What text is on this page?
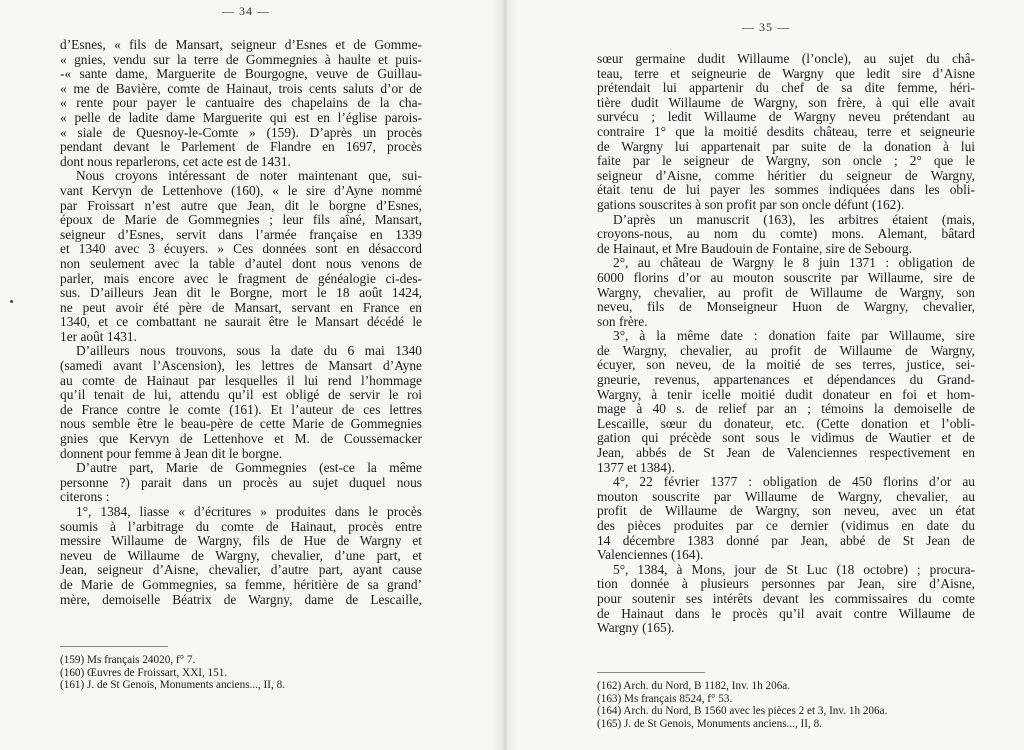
— 34 —

d’Esnes, « fils de Mansart, seigneur d’Esnes et de Gomme-

« gnies, vendu sur la terre de Gommegnies à haulte et puis-

-« sante dame, Marguerite de Bourgogne, veuve de Guillau-

« me de Bavière, comte de Hainaut, trois cents saluts d’or de

« rente pour payer le cantuaire des chapelains de la cha-

« pelle de ladite dame Marguerite qui est en l’église parois-

« siale de Quesnoy-le-Comte » (159). D’après un procès

pendant devant le Parlement de Flandre en 1697, procès

dont nous reparlerons, cet acte est de 1431.

Nous croyons intéressant de noter maintenant que, sui-

vant Kervyn de Lettenhove (160), « le sire d’Ayne nommé

par Froissart n’est autre que Jean, dit le borgne d’Esnes,

époux de Marie de Gommegnies ; leur fils aîné, Mansart,

seigneur d’Esnes, servit dans l’armée française en 1339

et 1340 avec 3 écuyers. » Ces données sont en désaccord

non seulement avec la table d’autel dont nous venons de

parler, mais encore avec le fragment de généalogie ci-des-

sus. D’ailleurs Jean dit le Borgne, mort le 18 août 1424,

ne peut avoir été père de Mansart, servant en France en

1340, et ce combattant ne saurait être le Mansart décédé le

1er août 1431.

D’ailleurs nous trouvons, sous la date du 6 mai 1340

(samedi avant l’Ascension), les lettres de Mansart d’Ayne

au comte de Hainaut par lesquelles il lui rend l’hommage

qu’il tenait de lui, attendu qu’il est obligé de servir le roi

de France contre le comte (161). Et l’auteur de ces lettres

nous semble être le beau-père de cette Marie de Gommegnies

gnies que Kervyn de Lettenhove et M. de Coussemacker

donnent pour femme à Jean dit le borgne.

D’autre part, Marie de Gommegnies (est-ce la même

personne ?) parait dans un procès au sujet duquel nous

citerons :

1°, 1384, liasse « d’écritures » produites dans le procès

soumis à l’arbitrage du comte de Hainaut, procès entre

messire Willaume de Wargny, fils de Hue de Wargny et

neveu de Willaume de Wargny, chevalier, d’une part, et

Jean, seigneur d’Aisne, chevalier, d’autre part, ayant cause

de Marie de Gommegnies, sa femme, héritière de sa grand’

mère, demoiselle Béatrix de Wargny, dame de Lescaille,

(159) Ms français 24020, f° 7.
(160) Œuvres de Froissart, XXI, 151.
(161) J. de St Genois, Monuments anciens..., II, 8.
— 35 —

sœur germaine dudit Willaume (l’oncle), au sujet du châ-

teau, terre et seigneurie de Wargny que ledit sire d’Aisne

prétendait lui appartenir du chef de sa dite femme, héri-

tière dudit Willaume de Wargny, son frère, à qui elle avait

survécu ; ledit Willaume de Wargny neveu prétendant au

contraire 1° que la moitié desdits château, terre et seigneurie

de Wargny lui appartenait par suite de la donation à lui

faite par le seigneur de Wargny, son oncle ; 2° que le

seigneur d’Aisne, comme héritier du seigneur de Wargny,

était tenu de lui payer les sommes indiquées dans les obli-

gations souscrites à son profit par son oncle défunt (162).

D’après un manuscrit (163), les arbitres étaient (mais,

croyons-nous, au nom du comte) mons. Alemant, bâtard

de Hainaut, et Mre Baudouin de Fontaine, sire de Sebourg.

2°, au château de Wargny le 8 juin 1371 : obligation de

6000 florins d’or au mouton souscrite par Willaume, sire de

Wargny, chevalier, au profit de Willaume de Wargny, son

neveu, fils de Monseigneur Huon de Wargny, chevalier,

son frère.

3°, à la même date : donation faite par Willaume, sire

de Wargny, chevalier, au profit de Willaume de Wargny,

écuyer, son neveu, de la moitié de ses terres, justice, sei-

gneurie, revenus, appartenances et dépendances du Grand-

Wargny, à tenir icelle moitié dudit donateur en foi et hom-

mage à 40 s. de relief par an ; témoins la demoiselle de

Lescaille, sœur du donateur, etc. (Cette donation et l’obli-

gation qui précède sont sous le vidimus de Wautier et de

Jean, abbés de St Jean de Valenciennes respectivement en

1377 et 1384).

4°, 22 février 1377 : obligation de 450 florins d’or au

mouton souscrite par Willaume de Wargny, chevalier, au

profit de Willaume de Wargny, son neveu, avec un état

des pièces produites par ce dernier (vidimus en date du

14 décembre 1383 donné par Jean, abbé de St Jean de

Valenciennes (164).

5°, 1384, à Mons, jour de St Luc (18 octobre) ; procura-

tion donnée à plusieurs personnes par Jean, sire d’Aisne,

pour soutenir ses intérêts devant les commissaires du comte

de Hainaut dans le procès qu’il avait contre Willaume de

Wargny (165).

(162) Arch. du Nord, B 1182, Inv. 1h 206a.
(163) Ms français 8524, f° 53.
(164) Arch. du Nord, B 1560 avec les pièces 2 et 3, Inv. 1h 206a.
(165) J. de St Genois, Monuments anciens..., II, 8.
